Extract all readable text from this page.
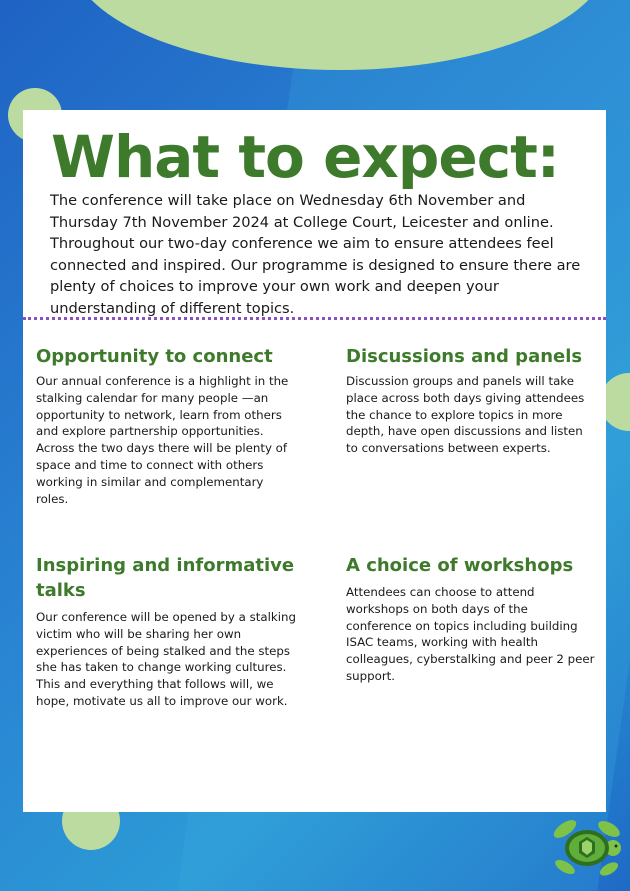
What to expect:

The conference will take place on Wednesday 6th November and Thursday 7th November 2024 at College Court, Leicester and online. Throughout our two-day conference we aim to ensure attendees feel connected and inspired. Our programme is designed to ensure there are plenty of choices to improve your own work and deepen your understanding of different topics.

Opportunity to connect

Our annual conference is a highlight in the stalking calendar for many people —an opportunity to network, learn from others and explore partnership opportunities. Across the two days there will be plenty of space and time to connect with others working in similar and complementary roles.

Discussions and panels

Discussion groups and panels will take place across both days giving attendees the chance to explore topics in more depth, have open discussions and listen to conversations between experts.

Inspiring and informative talks

Our conference will be opened by a stalking victim who will be sharing her own experiences of being stalked and the steps she has taken to change working cultures. This and everything that follows will, we hope, motivate us all to improve our work.

A choice of workshops

Attendees can choose to attend workshops on both days of the conference on topics including building ISAC teams, working with health colleagues, cyberstalking and peer 2 peer support.
